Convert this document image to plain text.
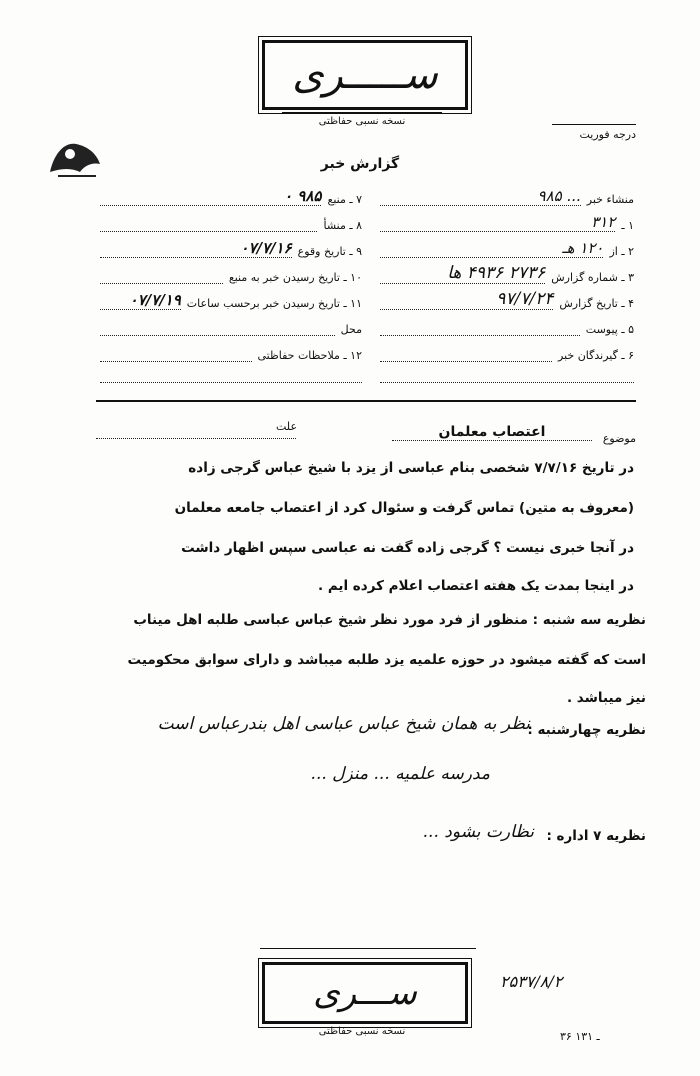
ســـــری
نسخه نسبی حفاظتی
درجه فوریت
گزارش خبر
منشاء خبر
... ۹۸۵
۱ ـ
۳۱۲
۲ ـ از
۱۲۰ هـ
۳ ـ شماره گزارش
۲۷۳۶ ۴۹۳۶ ها
۴ ـ تاریخ گزارش
۹۷/۷/۲۴
۵ ـ پیوست
۶ ـ گیرندگان خبر
۷ ـ منبع
۹۸۵ ۰
۸ ـ منشأ
۹ ـ تاریخ وقوع
۰۷/۷/۱۶
۱۰ ـ تاریخ رسیدن خبر به منبع
۱۱ ـ تاریخ رسیدن خبر برحسب ساعات
۰۷/۷/۱۹
محل
۱۲ ـ ملاحظات حفاظتی
موضوع
اعتصاب معلمان
علت
در تاریخ ۷/۷/۱۶ شخصی بنام عباسی از یزد با شیخ عباس گرجی زاده
(معروف به متین) تماس گرفت و سئوال کرد از اعتصاب جامعه معلمان
در آنجا خبری نیست ؟ گرجی زاده گفت نه عباسی سپس اظهار داشت
در اینجا بمدت یک هفته اعتصاب اعلام کرده ایم .
نظریه سه شنبه : منظور از فرد مورد نظر شیخ عباس عباسی طلبه اهل میناب
است که گفته میشود در حوزه علمیه یزد طلبه میباشد و دارای سوابق محکومیت
نیز میباشد .
نظریه چهارشنبه :
نظر به همان شیخ عباس عباسی اهل بندرعباس است
مدرسه علمیه ... منزل ...
نظریه ۷ اداره :
نظارت بشود ...
ســـری
نسخه نسبی حفاظتی
۲۵۳۷/۸/۲
۳۶ ـ ۱۳۱
